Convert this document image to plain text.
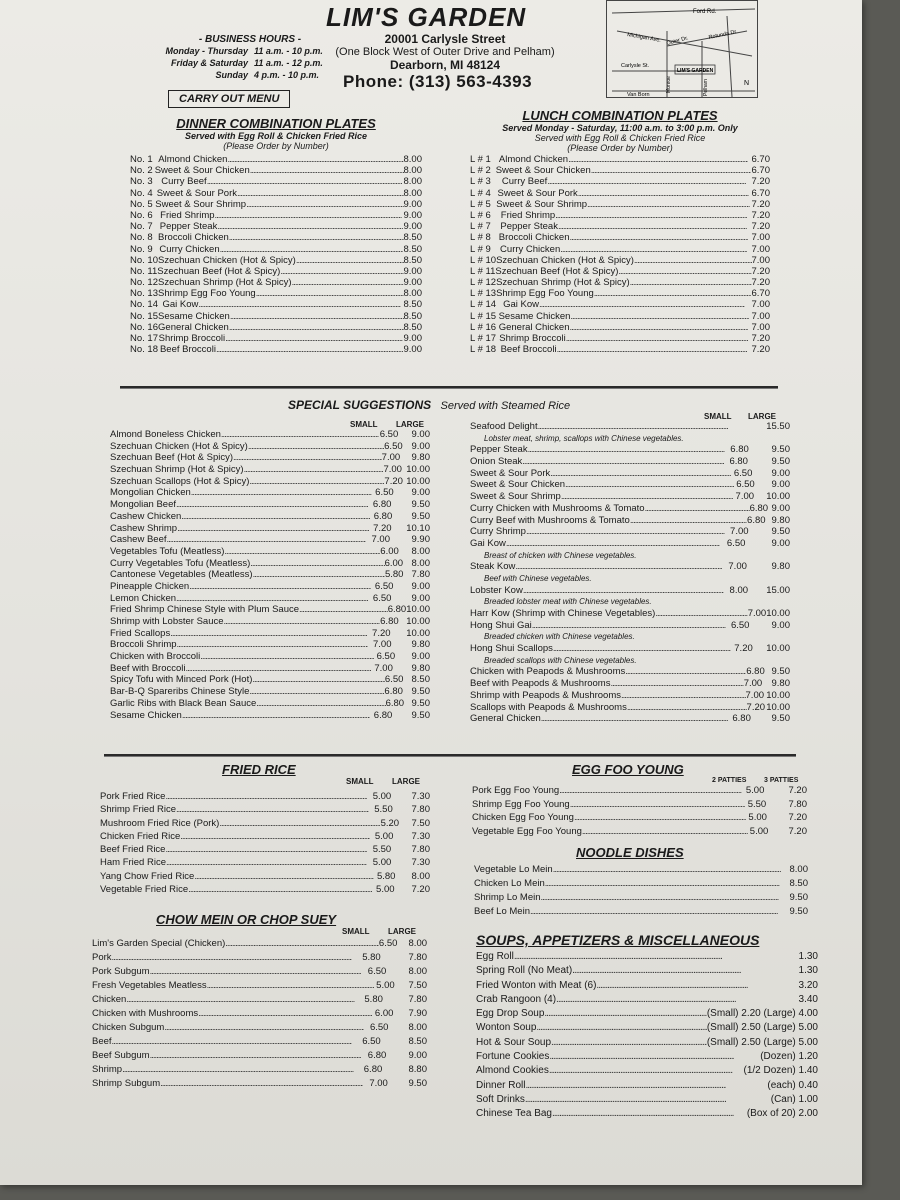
LIM'S GARDEN
- BUSINESS HOURS -
Monday - Thursday 11 a.m. - 10 p.m.
Friday & Saturday 11 a.m. - 12 p.m.
Sunday 4 p.m. - 10 p.m.
20001 Carlysle Street
(One Block West of Outer Drive and Pelham)
Dearborn, MI 48124
Phone: (313) 563-4393
CARRY OUT MENU
Ford Rd.
Michigan Ave. Outer Dr.
Rotunda Dr.
Carlysle St.
LIM'S GARDEN
Van Born
Monroe	Pelham	N
DINNER COMBINATION PLATES
Served with Egg Roll & Chicken Fried Rice
(Please Order by Number)
No. 1 Almond Chicken .....	8.00
No. 2 Sweet & Sour Chicken .....	8.00
No. 3 Curry Beef .....	8.00
No. 4 Sweet & Sour Pork .....	8.00
No. 5 Sweet & Sour Shrimp .....	9.00
No. 6 Fried Shrimp .....	9.00
No. 7 Pepper Steak .....	9.00
No. 8 Broccoli Chicken .....	8.50
No. 9 Curry Chicken .....	8.50
No. 10 Szechuan Chicken (Hot & Spicy) .....	8.50
No. 11 Szechuan Beef (Hot & Spicy) .....	9.00
No. 12 Szechuan Shrimp (Hot & Spicy) .....	9.00
No. 13 Shrimp Egg Foo Young .....	8.00
No. 14 Gai Kow .....	8.50
No. 15 Sesame Chicken .....	8.50
No. 16 General Chicken .....	8.50
No. 17 Shrimp Broccoli .....	9.00
No. 18 Beef Broccoli .....	9.00
LUNCH COMBINATION PLATES
Served Monday - Saturday, 11:00 a.m. to 3:00 p.m. Only
Served with Egg Roll & Chicken Fried Rice
(Please Order by Number)
L # 1 Almond Chicken .....	6.70
L # 2 Sweet & Sour Chicken .....	6.70
L # 3	Curry Beef .....	7.20
L # 4 Sweet & Sour Pork .....	6.70
L # 5 Sweet & Sour Shrimp .....	7.20
L # 6	Fried Shrimp .....	7.20
L # 7	Pepper Steak .....	7.20
L # 8 Broccoli Chicken .....	7.00
L # 9 Curry Chicken .....	7.00
L # 10 Szechuan Chicken (Hot & Spicy) .....	7.00
L # 11 Szechuan Beef (Hot & Spicy) .....	7.20
L # 12 Szechuan Shrimp (Hot & Spicy) .....	7.20
L # 13 Shrimp Egg Foo Young .....	6.70
L # 14 Gai Kow .....	7.00
L # 15 Sesame Chicken .....	7.00
L # 16 General Chicken .....	7.00
L # 17 Shrimp Broccoli .....	7.20
L # 18 Beef Broccoli .....	7.20
SPECIAL SUGGESTIONS Served with Steamed Rice
SMALL	LARGE
Almond Boneless Chicken .....	6.50	9.00
Szechuan Chicken (Hot & Spicy) .....	6.50 9.00
Szechuan Beef (Hot & Spicy) .....	7.00	9.80
Szechuan Shrimp (Hot & Spicy) .....	7.00 10.00
Szechuan Scallops (Hot & Spicy) .....	7.20 10.00
Mongolian Chicken .....	6.50	9.00
Mongolian Beef .....	6.80	9.50
Cashew Chicken .....	6.80	9.50
Cashew Shrimp .....	7.20	10.10
Cashew Beef .....	7.00	9.90
Vegetables Tofu (Meatless) .....	6.00	8.00
Curry Vegetables Tofu (Meatless) .....	6.00 8.00
Cantonese Vegetables (Meatless) .....	5.80 7.80
Pineapple Chicken .....	6.50	9.00
Lemon Chicken .....	6.50	9.00
Fried Shrimp Chinese Style with Plum Sauce .....	6.80 10.00
Shrimp with Lobster Sauce .....	6.80 10.00
Fried Scallops .....	7.20	10.00
Broccoli Shrimp .....	7.00	9.80
Chicken with Broccoli .....	6.50	9.00
Beef with Broccoli .....	7.00	9.80
Spicy Tofu with Minced Pork (Hot) .....	6.50 8.50
Bar-B-Q Spareribs Chinese Style .....	6.80 9.50
Garlic Ribs with Black Bean Sauce .....	6.80 9.50
Sesame Chicken .....	6.80	9.50
SMALL	LARGE
Seafood Delight .....	15.50
Lobster meat, shrimp, scallops with Chinese vegetables.
Pepper Steak .....	6.80	9.50
Onion Steak .....	6.80	9.50
Sweet & Sour Pork .....	6.50	9.00
Sweet & Sour Chicken .....	6.50	9.00
Sweet & Sour Shrimp .....	7.00	10.00
Curry Chicken with Mushrooms & Tomato .....	6.80 9.00
Curry Beef with Mushrooms & Tomato .....	6.80 9.80
Curry Shrimp .....	7.00	9.50
Gai Kow .....	6.50	9.00
Breast of chicken with Chinese vegetables.
Steak Kow .....	7.00	9.80
Beef with Chinese vegetables.
Lobster Kow .....	8.00	15.00
Breaded lobster meat with Chinese vegetables.
Harr Kow (Shrimp with Chinese Vegetables) .....	7.00 10.00
Hong Shui Gai .....	6.50	9.00
Breaded chicken with Chinese vegetables.
Hong Shui Scallops .....	7.20	10.00
Breaded scallops with Chinese vegetables.
Chicken with Peapods & Mushrooms .....	6.80 9.50
Beef with Peapods & Mushrooms .....	7.00 9.80
Shrimp with Peapods & Mushrooms .....	7.00 10.00
Scallops with Peapods & Mushrooms .....	7.20 10.00
General Chicken .....	6.80	9.50
FRIED RICE
SMALL	LARGE
Pork Fried Rice .....	5.00	7.30
Shrimp Fried Rice .....	5.50	7.80
Mushroom Fried Rice (Pork) .....	5.20	7.50
Chicken Fried Rice .....	5.00	7.30
Beef Fried Rice .....	5.50	7.80
Ham Fried Rice .....	5.00	7.30
Yang Chow Fried Rice .....	5.80	8.00
Vegetable Fried Rice .....	5.00	7.20
CHOW MEIN OR CHOP SUEY
SMALL	LARGE
Lim's Garden Special (Chicken) .....	6.50	8.00
Pork .....	5.80	7.80
Pork Subgum .....	6.50	8.00
Fresh Vegetables Meatless .....	5.00	7.50
Chicken .....	5.80	7.80
Chicken with Mushrooms .....	6.00	7.90
Chicken Subgum .....	6.50	8.00
Beef .....	6.50	8.50
Beef Subgum .....	6.80	9.00
Shrimp .....	6.80	8.80
Shrimp Subgum .....	7.00	9.50
EGG FOO YOUNG
2 PATTIES	3 PATTIES
Pork Egg Foo Young .....	5.00	7.20
Shrimp Egg Foo Young .....	5.50	7.80
Chicken Egg Foo Young .....	5.00	7.20
Vegetable Egg Foo Young .....	5.00	7.20
NOODLE DISHES
Vegetable Lo Mein .....	8.00
Chicken Lo Mein .....	8.50
Shrimp Lo Mein .....	9.50
Beef Lo Mein .....	9.50
SOUPS, APPETIZERS & MISCELLANEOUS
Egg Roll .....	1.30
Spring Roll (No Meat) .....	1.30
Fried Wonton with Meat (6) .....	3.20
Crab Rangoon (4) .....	3.40
Egg Drop Soup .....	(Small) 2.20 (Large) 4.00
Wonton Soup .....	(Small) 2.50 (Large) 5.00
Hot & Sour Soup .....	(Small) 2.50 (Large) 5.00
Fortune Cookies .....	(Dozen) 1.20
Almond Cookies .....	(1/2 Dozen) 1.40
Dinner Roll .....	(each) 0.40
Soft Drinks .....	(Can) 1.00
Chinese Tea Bag .....	(Box of 20) 2.00
